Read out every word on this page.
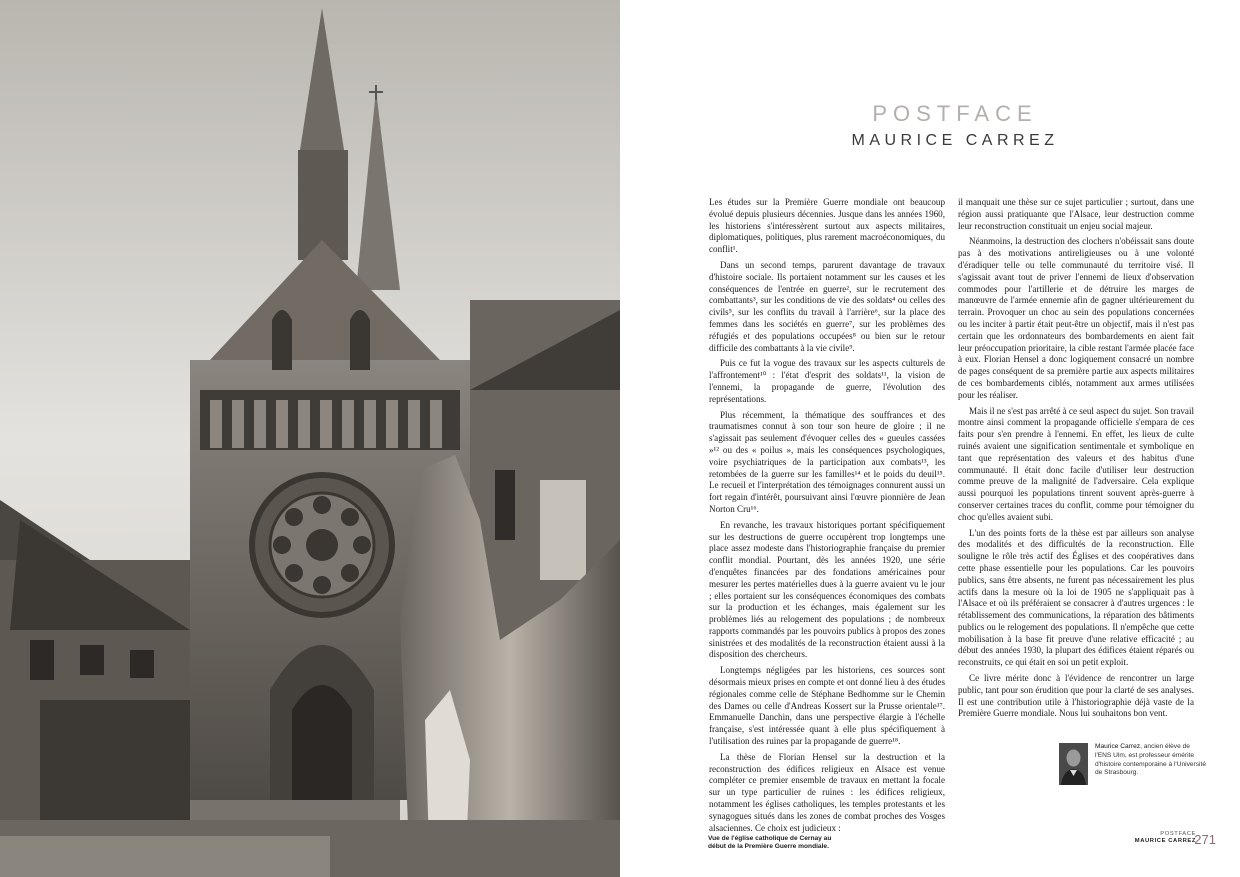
POSTFACE
MAURICE CARREZ

Les études sur la Première Guerre mondiale ont beaucoup évolué depuis plusieurs décennies. Jusque dans les années 1960, les historiens s'intéressèrent surtout aux aspects militaires, diplomatiques, politiques, plus rarement macroéconomiques, du conflit¹.

Dans un second temps, parurent davantage de travaux d'histoire sociale. Ils portaient notamment sur les causes et les conséquences de l'entrée en guerre², sur le recrutement des combattants³, sur les conditions de vie des soldats⁴ ou celles des civils⁵, sur les conflits du travail à l'arrière⁶, sur la place des femmes dans les sociétés en guerre⁷, sur les problèmes des réfugiés et des populations occupées⁸ ou bien sur le retour difficile des combattants à la vie civile⁹.

Puis ce fut la vogue des travaux sur les aspects culturels de l'affrontement¹⁰ : l'état d'esprit des soldats¹¹, la vision de l'ennemi, la propagande de guerre, l'évolution des représentations.

Plus récemment, la thématique des souffrances et des traumatismes connut à son tour son heure de gloire ; il ne s'agissait pas seulement d'évoquer celles des « gueules cassées »¹² ou des « poilus », mais les conséquences psychologiques, voire psychiatriques de la participation aux combats¹³, les retombées de la guerre sur les familles¹⁴ et le poids du deuil¹⁵. Le recueil et l'interprétation des témoignages connurent aussi un fort regain d'intérêt, poursuivant ainsi l'œuvre pionnière de Jean Norton Cru¹⁶.

En revanche, les travaux historiques portant spécifiquement sur les destructions de guerre occupèrent trop longtemps une place assez modeste dans l'historiographie française du premier conflit mondial. Pourtant, dès les années 1920, une série d'enquêtes financées par des fondations américaines pour mesurer les pertes matérielles dues à la guerre avaient vu le jour ; elles portaient sur les conséquences économiques des combats sur la production et les échanges, mais également sur les problèmes liés au relogement des populations ; de nombreux rapports commandés par les pouvoirs publics à propos des zones sinistrées et des modalités de la reconstruction étaient aussi à la disposition des chercheurs.

Longtemps négligées par les historiens, ces sources sont désormais mieux prises en compte et ont donné lieu à des études régionales comme celle de Stéphane Bedhomme sur le Chemin des Dames ou celle d'Andreas Kossert sur la Prusse orientale¹⁷. Emmanuelle Danchin, dans une perspective élargie à l'échelle française, s'est intéressée quant à elle plus spécifiquement à l'utilisation des ruines par la propagande de guerre¹⁸.

La thèse de Florian Hensel sur la destruction et la reconstruction des édifices religieux en Alsace est venue compléter ce premier ensemble de travaux en mettant la focale sur un type particulier de ruines : les édifices religieux, notamment les églises catholiques, les temples protestants et les synagogues situés dans les zones de combat proches des Vosges alsaciennes. Ce choix est judicieux :

il manquait une thèse sur ce sujet particulier ; surtout, dans une région aussi pratiquante que l'Alsace, leur destruction comme leur reconstruction constituait un enjeu social majeur.

Néanmoins, la destruction des clochers n'obéissait sans doute pas à des motivations antireligieuses ou à une volonté d'éradiquer telle ou telle communauté du territoire visé. Il s'agissait avant tout de priver l'ennemi de lieux d'observation commodes pour l'artillerie et de détruire les marges de manœuvre de l'armée ennemie afin de gagner ultérieurement du terrain. Provoquer un choc au sein des populations concernées ou les inciter à partir était peut-être un objectif, mais il n'est pas certain que les ordonnateurs des bombardements en aient fait leur préoccupation prioritaire, la cible restant l'armée placée face à eux. Florian Hensel a donc logiquement consacré un nombre de pages conséquent de sa première partie aux aspects militaires de ces bombardements ciblés, notamment aux armes utilisées pour les réaliser.

Mais il ne s'est pas arrêté à ce seul aspect du sujet. Son travail montre ainsi comment la propagande officielle s'empara de ces faits pour s'en prendre à l'ennemi. En effet, les lieux de culte ruinés avaient une signification sentimentale et symbolique en tant que représentation des valeurs et des habitus d'une communauté. Il était donc facile d'utiliser leur destruction comme preuve de la malignité de l'adversaire. Cela explique aussi pourquoi les populations tinrent souvent après-guerre à conserver certaines traces du conflit, comme pour témoigner du choc qu'elles avaient subi.

L'un des points forts de la thèse est par ailleurs son analyse des modalités et des difficultés de la reconstruction. Elle souligne le rôle très actif des Églises et des coopératives dans cette phase essentielle pour les populations. Car les pouvoirs publics, sans être absents, ne furent pas nécessairement les plus actifs dans la mesure où la loi de 1905 ne s'appliquait pas à l'Alsace et où ils préféraient se consacrer à d'autres urgences : le rétablissement des communications, la réparation des bâtiments publics ou le relogement des populations. Il n'empêche que cette mobilisation à la base fit preuve d'une relative efficacité ; au début des années 1930, la plupart des édifices étaient réparés ou reconstruits, ce qui était en soi un petit exploit.

Ce livre mérite donc à l'évidence de rencontrer un large public, tant pour son érudition que pour la clarté de ses analyses. Il est une contribution utile à l'historiographie déjà vaste de la Première Guerre mondiale. Nous lui souhaitons bon vent.

Maurice Carrez, ancien élève de l'ENS Ulm, est professeur émérite d'histoire contemporaine à l'Université de Strasbourg.
Vue de l'église catholique de Cernay au début de la Première Guerre mondiale.
POSTFACE
MAURICE CARREZ
271
